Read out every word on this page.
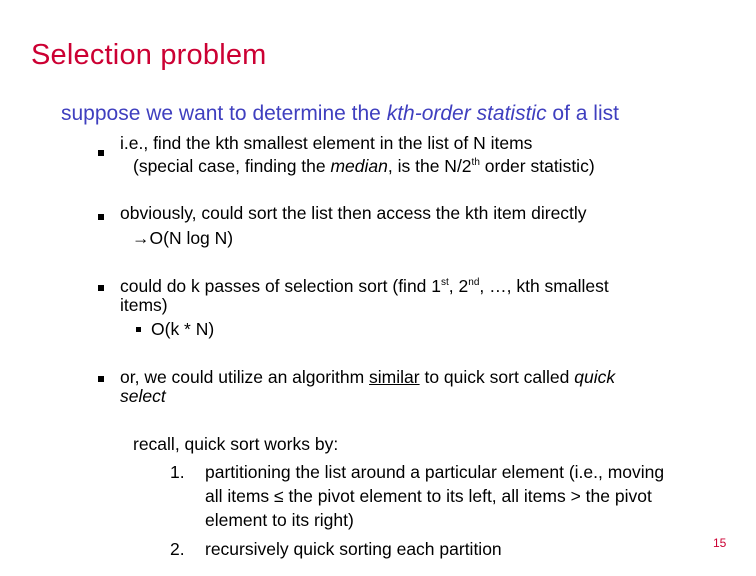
Selection problem
suppose we want to determine the kth-order statistic of a list
i.e., find the kth smallest element in the list of N items
(special case, finding the median, is the N/2th order statistic)
obviously, could sort the list then access the kth item directly
→O(N log N)
could do k passes of selection sort (find 1st, 2nd, …, kth smallest
items)
O(k * N)
or, we could utilize an algorithm similar to quick sort called quick
select
recall, quick sort works by:
1. partitioning the list around a particular element (i.e., moving
all items ≤ the pivot element to its left, all items > the pivot
element to its right)
2. recursively quick sorting each partition	15
